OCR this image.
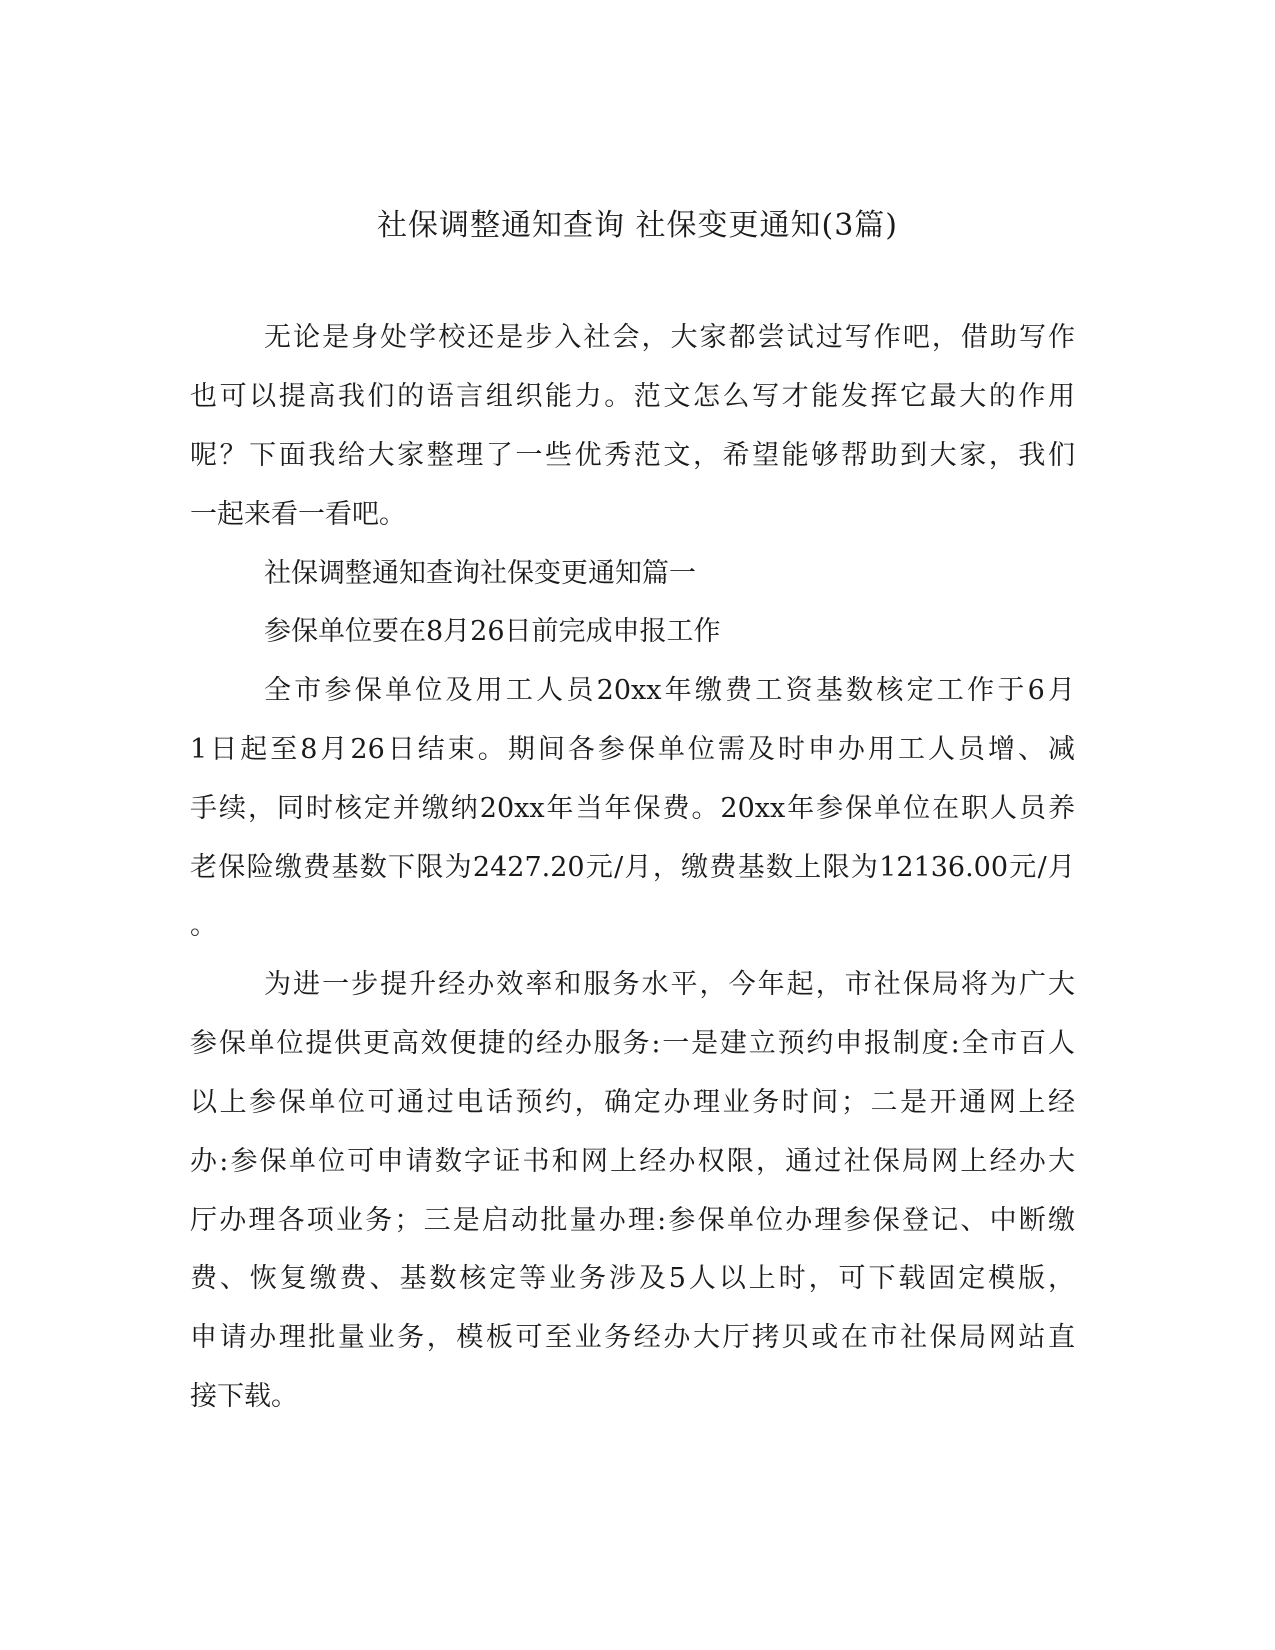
社保调整通知查询 社保变更通知(3篇)
无论是身处学校还是步入社会，大家都尝试过写作吧，借助写作
也可以提高我们的语言组织能力。范文怎么写才能发挥它最大的作用
呢？下面我给大家整理了一些优秀范文，希望能够帮助到大家，我们
一起来看一看吧。
社保调整通知查询社保变更通知篇一
参保单位要在8月26日前完成申报工作
全市参保单位及用工人员20xx年缴费工资基数核定工作于6月
1日起至8月26日结束。期间各参保单位需及时申办用工人员增、减
手续，同时核定并缴纳20xx年当年保费。20xx年参保单位在职人员养
老保险缴费基数下限为2427.20元/月，缴费基数上限为12136.00元/月
。
为进一步提升经办效率和服务水平，今年起，市社保局将为广大
参保单位提供更高效便捷的经办服务:一是建立预约申报制度:全市百人
以上参保单位可通过电话预约，确定办理业务时间；二是开通网上经
办:参保单位可申请数字证书和网上经办权限，通过社保局网上经办大
厅办理各项业务；三是启动批量办理:参保单位办理参保登记、中断缴
费、恢复缴费、基数核定等业务涉及5人以上时，可下载固定模版，
申请办理批量业务，模板可至业务经办大厅拷贝或在市社保局网站直
接下载。
